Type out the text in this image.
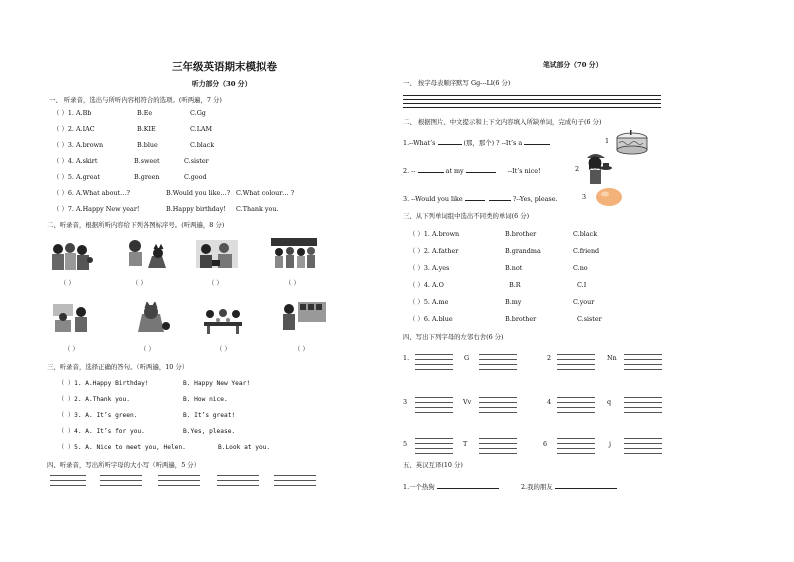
三年级英语期末模拟卷
听力部分（30 分）
一、 听录音，选出与所听内容相符合的选项。(听两遍，7 分)
（ ）1. A.Bb	B.Ee	C.Gg
（ ）2. A.IAC	B.KIE	C.LAM
（ ）3. A.brown	B.blue	C.black
（ ）4. A.skirt	B.sweet	C.sister
（ ）5. A.great	B.green	C.good
（ ）6. A.What about…?	B.Would you like…? C.What colour… ?
（ ）7. A.Happy New year!	B.Happy birthday! C.Thank you.
二、听录音，根据所听内容给下列各图标序号。(听两遍，8 分)
（ ）	（ ）	（ ）	（ ）
（ ）	（ ）	（ ）	（ ）
三、听录音，选择正确的答句。（听两遍，10 分）
（ ）1. A.Happy Birthday!	B. Happy New Year!
（ ）2. A.Thank you.	B. How nice.
（ ）3. A. It’s green.	B. It’s great!
（ ）4. A. It’s for you.	B.Yes, please.
（ ）5. A. Nice to meet you, Helen.	B.Look at you.
四、听录音，写出所听字母的大小写（听两遍，5 分）
笔试部分（70 分）
一、 按字母表顺序默写 Gg---Ll(6 分)
二、 根据图片、中文提示和上下文内容填入所缺单词，完成句子(6 分)
1.--What’s	(那，那个) ? --It’s a	1
2. --	at my	--It’s nice!	2
3. --Would you like	?--Yes, please.	3
三、从下列单词组中选出不同类的单词(6 分)
（ ）1. A.brown	B.brother	C.black
（ ）2. A.father	B.grandma	C.friend
（ ）3. A.yes	B.not	C.no
（ ）4. A.O	B.R	C.I
（ ）5. A.me	B.my	C.your
（ ）6. A.blue	B.brother	C.sister
四、写出下列字母的左邻右舍(6 分)
1.	G	2	Nn
3	Vv	4	q
5	T	6	j
五、英汉互译(10 分)
1.一个热狗	2.我的朋友
